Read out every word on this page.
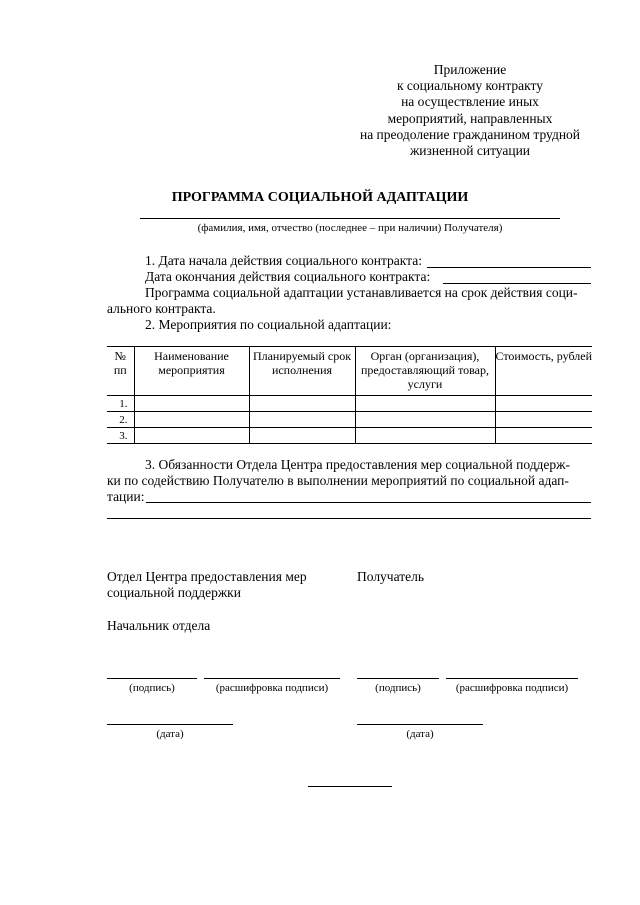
Приложение
к социальному контракту
на осуществление иных
мероприятий, направленных
на преодоление гражданином трудной
жизненной ситуации
ПРОГРАММА СОЦИАЛЬНОЙ АДАПТАЦИИ
(фамилия, имя, отчество (последнее – при наличии) Получателя)
1. Дата начала действия социального контракта:
Дата окончания действия социального контракта:
Программа социальной адаптации устанавливается на срок действия соци-
ального контракта.
2. Мероприятия по социальной адаптации:
№ пп	Наименование мероприятия	Планируемый срок исполнения	Орган (организация), предоставляющий товар, услуги	Стоимость, рублей
1.				
2.				
3.				
3. Обязанности Отдела Центра предоставления мер социальной поддерж-
ки по содействию Получателю в выполнении мероприятий по социальной адап-
тации:
Отдел Центра предоставления мер
социальной поддержки
Получатель
Начальник отдела
(подпись)	(расшифровка подписи)	(подпись)	(расшифровка подписи)
(дата)	(дата)
